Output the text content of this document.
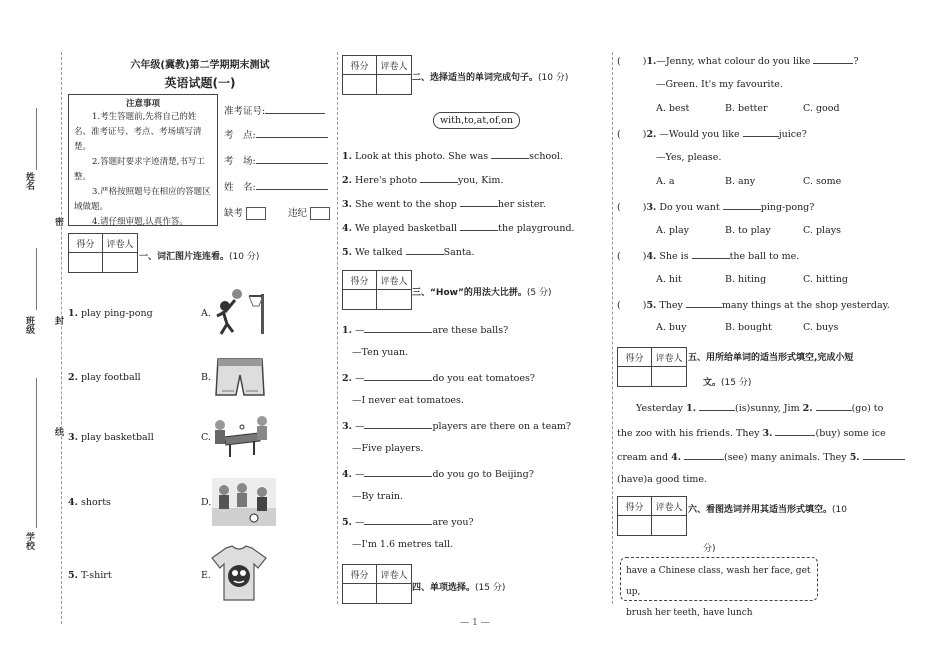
姓名
密
班级 封
线
学校
六年级(冀教)第二学期期末测试
英语试题(一)
注意事项
1.考生答题前,先将自己的姓名、准考证号、考点、考场填写清楚。
2.答题时要求字迹清楚,书写工整。
3.严格按照题号在相应的答题区域做题。
4.请仔细审题,认真作答。
准考证号:
考　点:
考　场:
姓　名:
缺考	违纪
得分	评卷人
一、词汇图片连连看。(10 分)
1. play ping-pong	A.
2. play football	B.
3. play basketball	C.
4. shorts	D.
5. T-shirt	E.
得分	评卷人
二、选择适当的单词完成句子。(10 分)
with,to,at,of,on
1. Look at this photo. She was	school.
2. Here's photo	you, Kim.
3. She went to the shop	her sister.
4. We played basketball	the playground.
5. We talked	Santa.
得分	评卷人
三、“How”的用法大比拼。(5 分)
1. —	are these balls?
—Ten yuan.
2. —	do you eat tomatoes?
—I never eat tomatoes.
3. —	players are there on a team?
—Five players.
4. —	do you go to Beijing?
—By train.
5. —	are you?
—I'm 1.6 metres tall.
得分	评卷人
四、单项选择。(15 分)
( )1.—Jenny, what colour do you like	?
—Green. It's my favourite.
A. best	B. better	C. good
( )2. —Would you like	juice?
—Yes, please.
A. a	B. any	C. some
( )3. Do you want	ping-pong?
A. play	B. to play	C. plays
( )4. She is	the ball to me.
A. hit	B. hiting	C. hitting
( )5. They	many things at the shop yesterday.
A. buy	B. bought	C. buys
得分	评卷人 五、用所给单词的适当形式填空,完成小短
文。(15 分)
Yesterday 1.	(is)sunny, Jim 2.	(go) to
the zoo with his friends. They 3.	(buy) some ice
cream and 4.	(see) many animals. They 5.
(have)a good time.
得分	评卷人 六、看图选词并用其适当形式填空。(10
分)
have a Chinese class, wash her face, get up,
brush her teeth, have lunch
— 1 —
